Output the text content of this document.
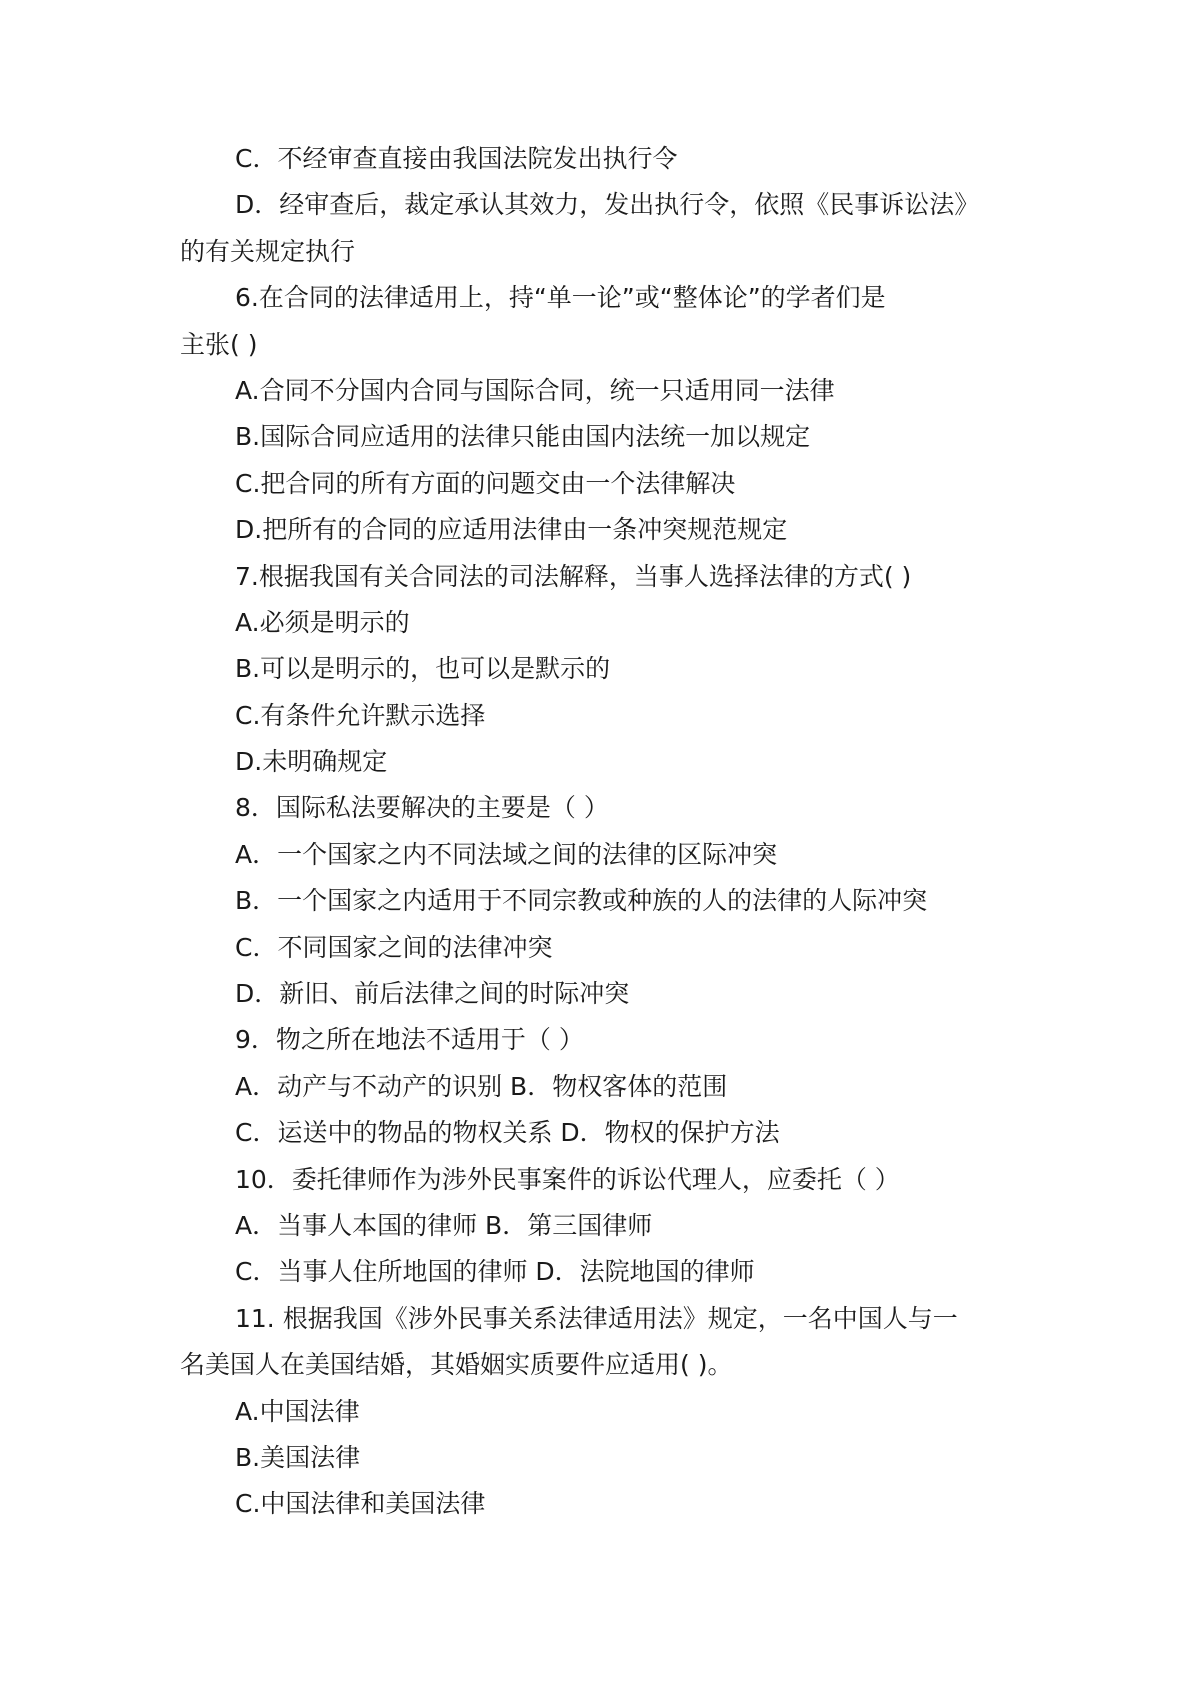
C．不经审查直接由我国法院发出执行令
D．经审查后，裁定承认其效力，发出执行令，依照《民事诉讼法》
的有关规定执行
6.在合同的法律适用上，持“单一论”或“整体论”的学者们是
主张( )
A.合同不分国内合同与国际合同，统一只适用同一法律
B.国际合同应适用的法律只能由国内法统一加以规定
C.把合同的所有方面的问题交由一个法律解决
D.把所有的合同的应适用法律由一条冲突规范规定
7.根据我国有关合同法的司法解释，当事人选择法律的方式( )
A.必须是明示的
B.可以是明示的，也可以是默示的
C.有条件允许默示选择
D.未明确规定
8．国际私法要解决的主要是（ ）
A．一个国家之内不同法域之间的法律的区际冲突
B．一个国家之内适用于不同宗教或种族的人的法律的人际冲突
C．不同国家之间的法律冲突
D．新旧、前后法律之间的时际冲突
9．物之所在地法不适用于（ ）
A．动产与不动产的识别 B．物权客体的范围
C．运送中的物品的物权关系 D．物权的保护方法
10．委托律师作为涉外民事案件的诉讼代理人，应委托（ ）
A．当事人本国的律师 B．第三国律师
C．当事人住所地国的律师 D．法院地国的律师
11. 根据我国《涉外民事关系法律适用法》规定，一名中国人与一
名美国人在美国结婚，其婚姻实质要件应适用( )。
A.中国法律
B.美国法律
C.中国法律和美国法律
